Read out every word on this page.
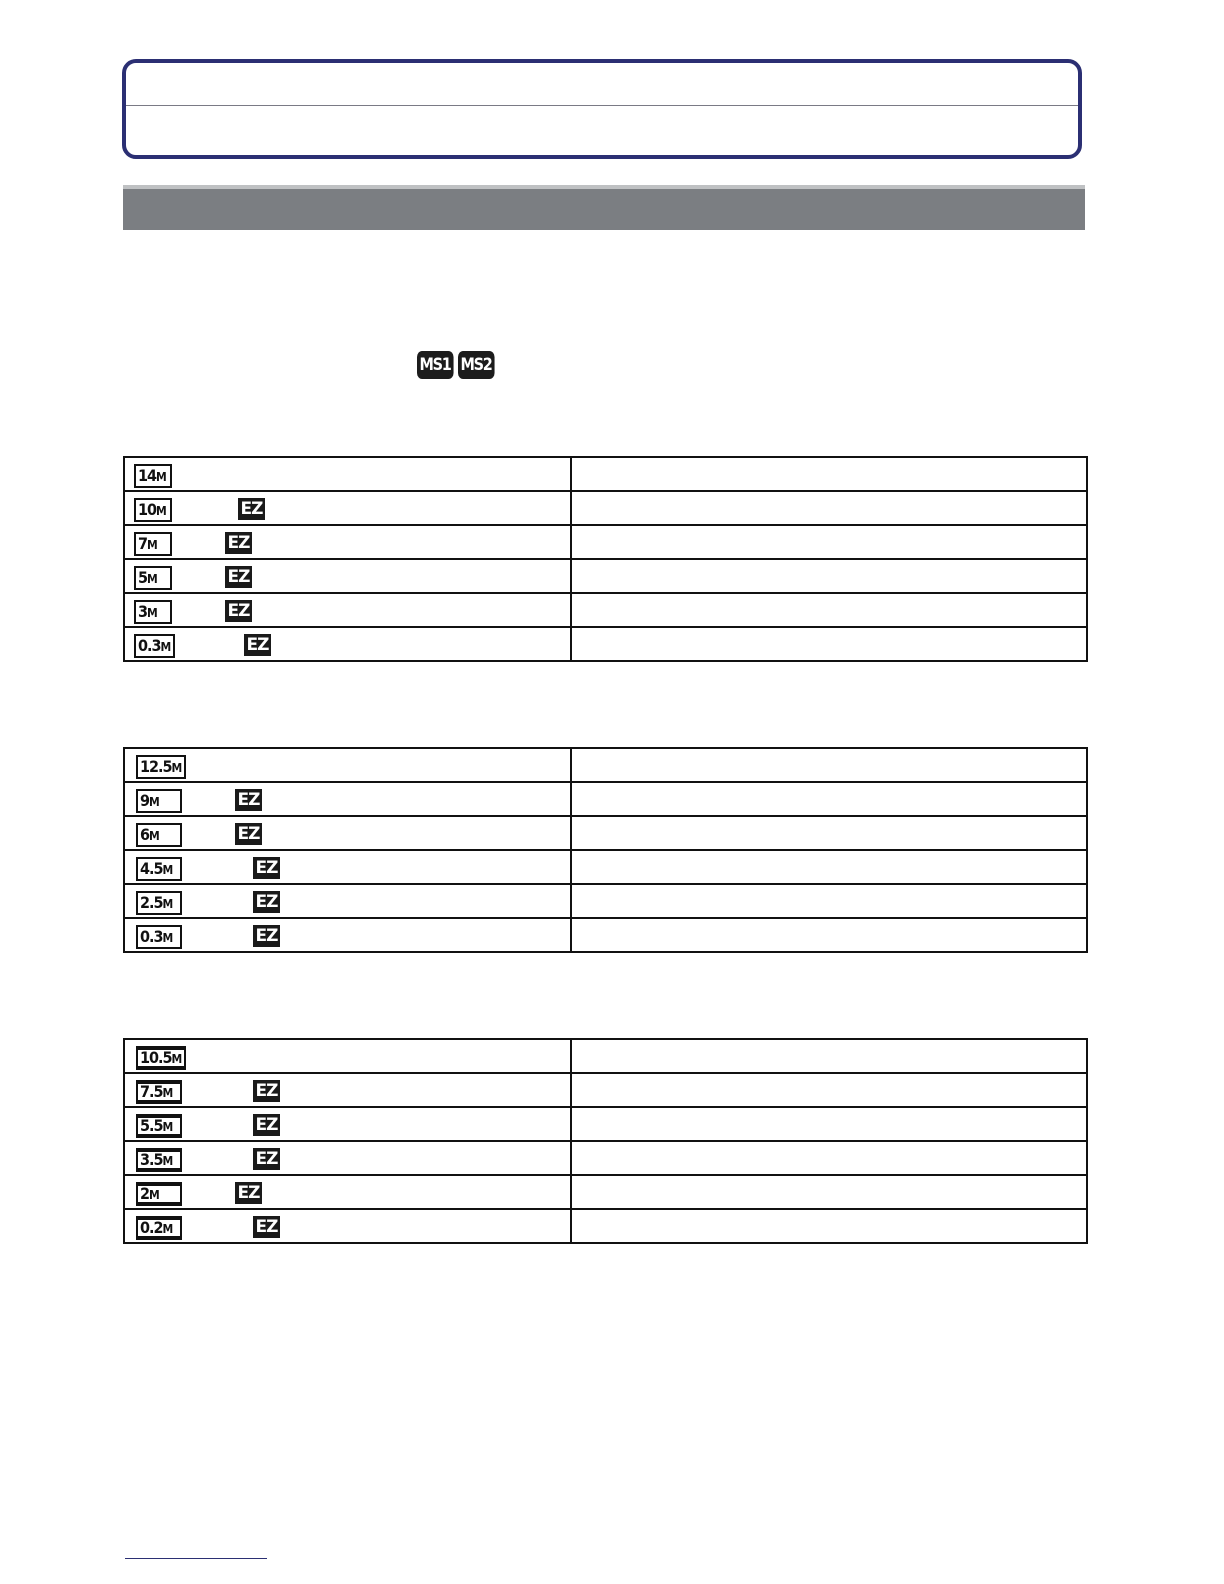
MS1 MS2
14M	

10M EZ	

7M EZ	

5M EZ	

3M EZ	

0.3M EZ	

12.5M	

9M EZ	

6M EZ	

4.5M EZ	

2.5M EZ	

0.3M EZ	

10.5M	

7.5M EZ	

5.5M EZ	

3.5M EZ	

2M EZ	

0.2M EZ	
